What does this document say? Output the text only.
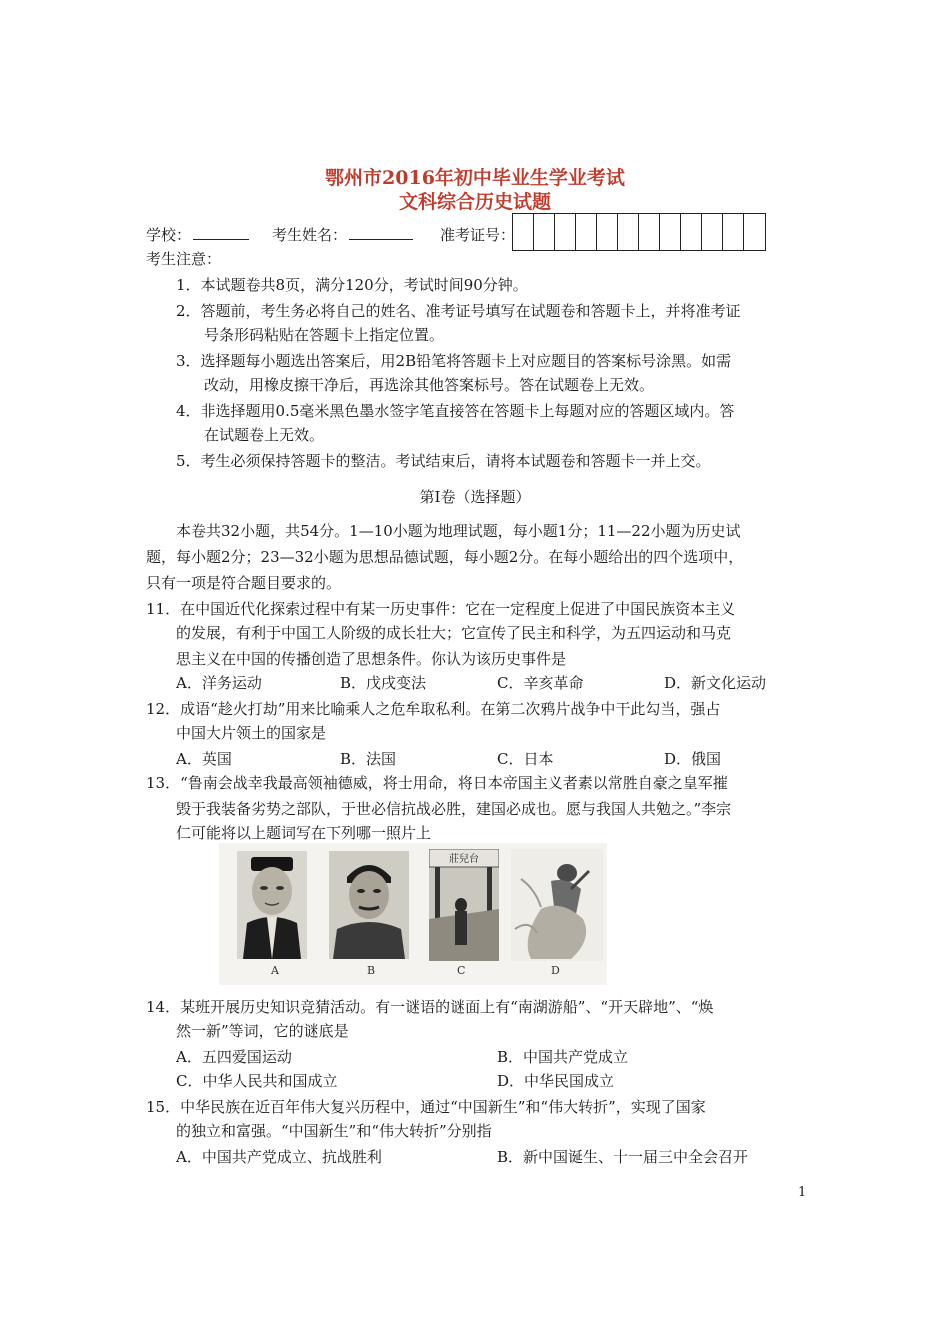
鄂州市2016年初中毕业生学业考试
文科综合历史试题
学校：	考生姓名：	准考证号：
考生注意：
1．本试题卷共8页，满分120分，考试时间90分钟。
2．答题前，考生务必将自己的姓名、准考证号填写在试题卷和答题卡上，并将准考证
号条形码粘贴在答题卡上指定位置。
3．选择题每小题选出答案后，用2B铅笔将答题卡上对应题目的答案标号涂黑。如需
改动，用橡皮擦干净后，再选涂其他答案标号。答在试题卷上无效。
4．非选择题用0.5毫米黑色墨水签字笔直接答在答题卡上每题对应的答题区域内。答
在试题卷上无效。
5．考生必须保持答题卡的整洁。考试结束后，请将本试题卷和答题卡一并上交。
第Ⅰ卷（选择题）
本卷共32小题，共54分。1—10小题为地理试题，每小题1分；11—22小题为历史试
题，每小题2分；23—32小题为思想品德试题，每小题2分。在每小题给出的四个选项中，
只有一项是符合题目要求的。
11．在中国近代化探索过程中有某一历史事件：它在一定程度上促进了中国民族资本主义
的发展，有利于中国工人阶级的成长壮大；它宣传了民主和科学，为五四运动和马克
思主义在中国的传播创造了思想条件。你认为该历史事件是
A．洋务运动	B．戊戌变法	C．辛亥革命	D．新文化运动
12．成语“趁火打劫”用来比喻乘人之危牟取私利。在第二次鸦片战争中干此勾当，强占
中国大片领土的国家是
A．英国	B．法国	C．日本	D．俄国
13．“鲁南会战幸我最高领袖德威，将士用命，将日本帝国主义者素以常胜自豪之皇军摧
毁于我装备劣势之部队，于世必信抗战必胜，建国必成也。愿与我国人共勉之。”李宗
仁可能将以上题词写在下列哪一照片上
A	B
莊兒台
C	D
14．某班开展历史知识竞猜活动。有一谜语的谜面上有“南湖游船”、“开天辟地”、“焕
然一新”等词，它的谜底是
A．五四爱国运动	B．中国共产党成立
C．中华人民共和国成立	D．中华民国成立
15．中华民族在近百年伟大复兴历程中，通过“中国新生”和“伟大转折”，实现了国家
的独立和富强。“中国新生”和“伟大转折”分别指
A．中国共产党成立、抗战胜利	B．新中国诞生、十一届三中全会召开
1
